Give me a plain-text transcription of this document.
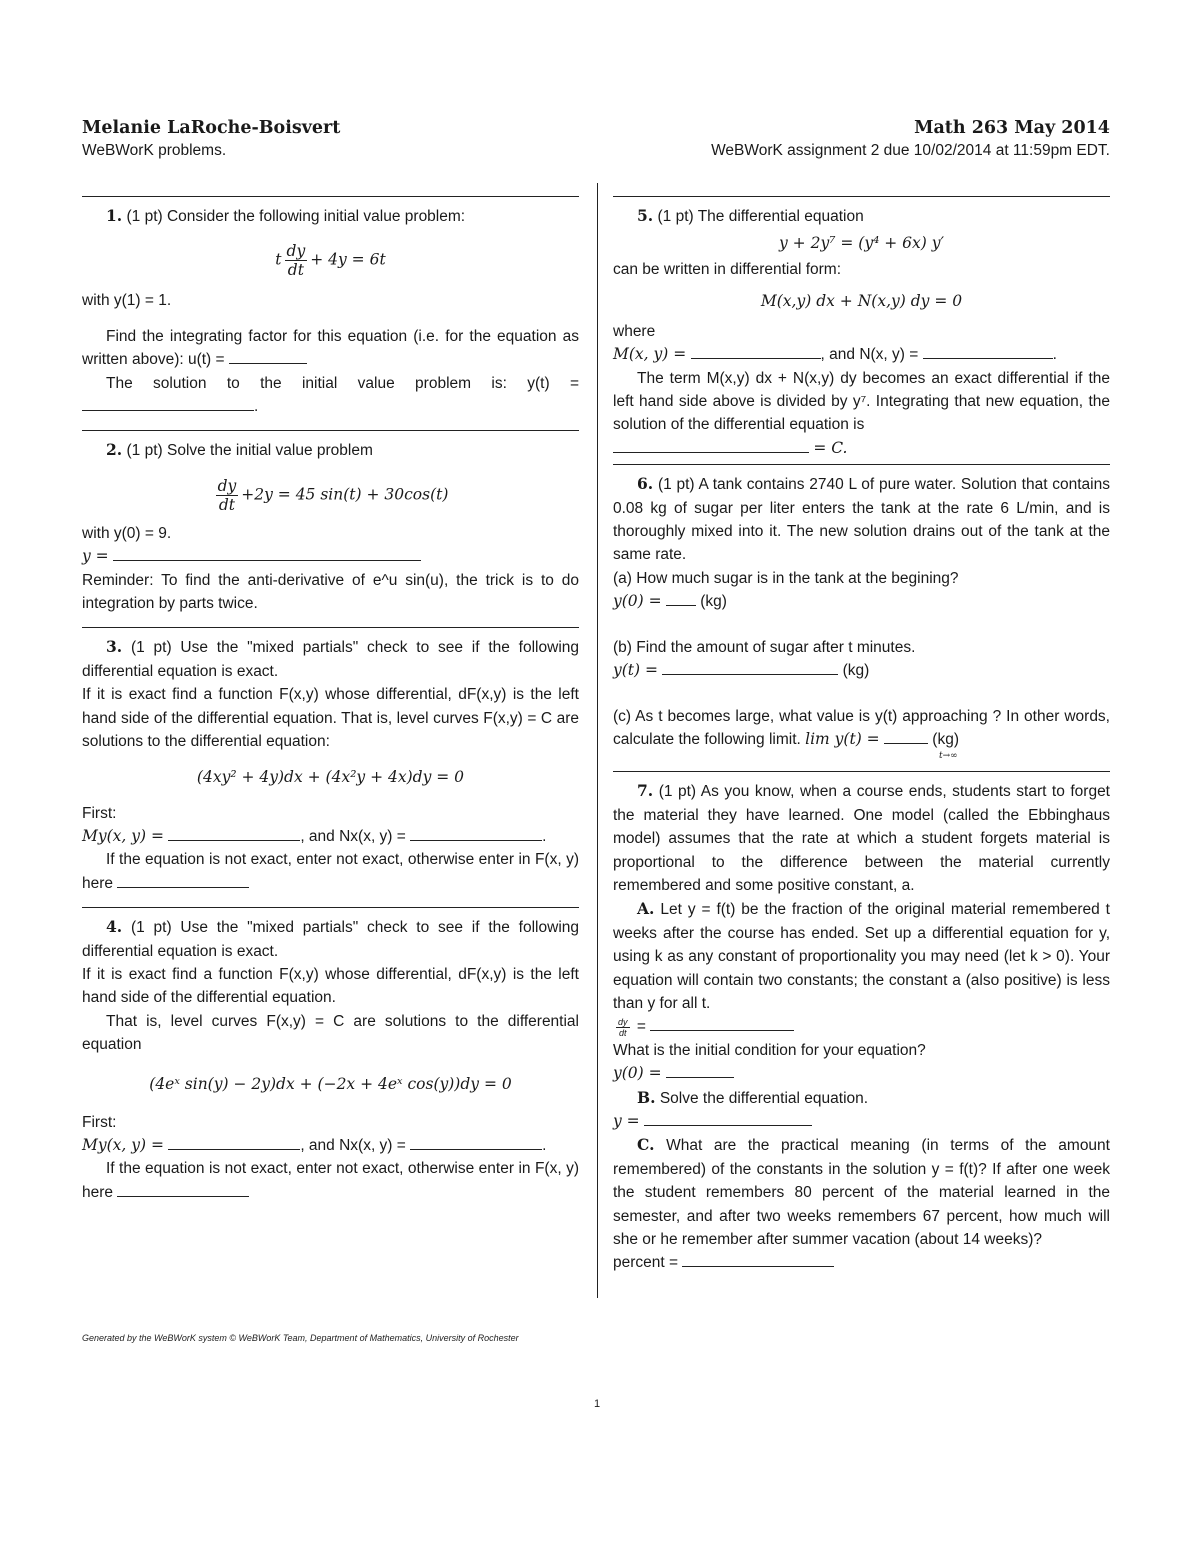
Melanie LaRoche-Boisvert
WeBWorK problems.
Math 263 May 2014
WeBWorK assignment 2 due 10/02/2014 at 11:59pm EDT.

1. (1 pt) Consider the following initial value problem:

t $\frac{dy}{dt} + 4y = 6t$

with y(1) = 1.

Find the integrating factor for this equation (i.e. for the equation as written above): u(t) =

The solution to the initial value problem is: y(t) =

.

2. (1 pt) Solve the initial value problem

$\frac{dy}{dt} +2y = 45$ sin(t) + 30cos(t)

with y(0) = 9.

y =

Reminder: To find the anti-derivative of e^u sin(u), the trick is to do integration by parts twice.

3. (1 pt) Use the "mixed partials" check to see if the following differential equation is exact.

If it is exact find a function F(x,y) whose differential, dF(x,y) is the left hand side of the differential equation. That is, level curves F(x,y) = C are solutions to the differential equation:

(4xy² + 4y)dx + (4x²y + 4x)dy = 0

First:

My(x, y) =	, and Nx(x, y) =	.

If the equation is not exact, enter not exact, otherwise enter in F(x, y) here

4. (1 pt) Use the "mixed partials" check to see if the following differential equation is exact.

If it is exact find a function F(x,y) whose differential, dF(x,y) is the left hand side of the differential equation.

That is, level curves F(x,y) = C are solutions to the differential equation

(4eˣ sin(y) − 2y)dx + (−2x + 4eˣ cos(y))dy = 0

First:

My(x, y) =	, and Nx(x, y) =	.

If the equation is not exact, enter not exact, otherwise enter in F(x, y) here

5. (1 pt) The differential equation

y + 2y⁷ = (y⁴ + 6x) y′

can be written in differential form:

M(x,y) dx + N(x,y) dy = 0

where

M(x, y) =	, and N(x, y) =	.

The term M(x,y) dx + N(x,y) dy becomes an exact differential if the left hand side above is divided by y⁷. Integrating that new equation, the solution of the differential equation is

= C.

6. (1 pt) A tank contains 2740 L of pure water. Solution that contains 0.08 kg of sugar per liter enters the tank at the rate 6 L/min, and is thoroughly mixed into it. The new solution drains out of the tank at the same rate.

(a) How much sugar is in the tank at the begining?

y(0) = (kg)

(b) Find the amount of sugar after t minutes.

y(t) =	(kg)

(c) As t becomes large, what value is y(t) approaching ? In other words, calculate the following limit. lim y(t) =	(kg)

t→∞

7. (1 pt) As you know, when a course ends, students start to forget the material they have learned. One model (called the Ebbinghaus model) assumes that the rate at which a student forgets material is proportional to the difference between the material currently remembered and some positive constant, a.

A. Let y = f(t) be the fraction of the original material remembered t weeks after the course has ended. Set up a differential equation for y, using k as any constant of proportionality you may need (let k > 0). Your equation will contain two constants; the constant a (also positive) is less than y for all t.

$\frac{dy}{dt}$ =

What is the initial condition for your equation?

y(0) =

B. Solve the differential equation.

y =

C. What are the practical meaning (in terms of the amount remembered) of the constants in the solution y = f(t)? If after one week the student remembers 80 percent of the material learned in the semester, and after two weeks remembers 67 percent, how much will she or he remember after summer vacation (about 14 weeks)?

percent =

Generated by the WeBWorK system © WeBWorK Team, Department of Mathematics, University of Rochester
1
